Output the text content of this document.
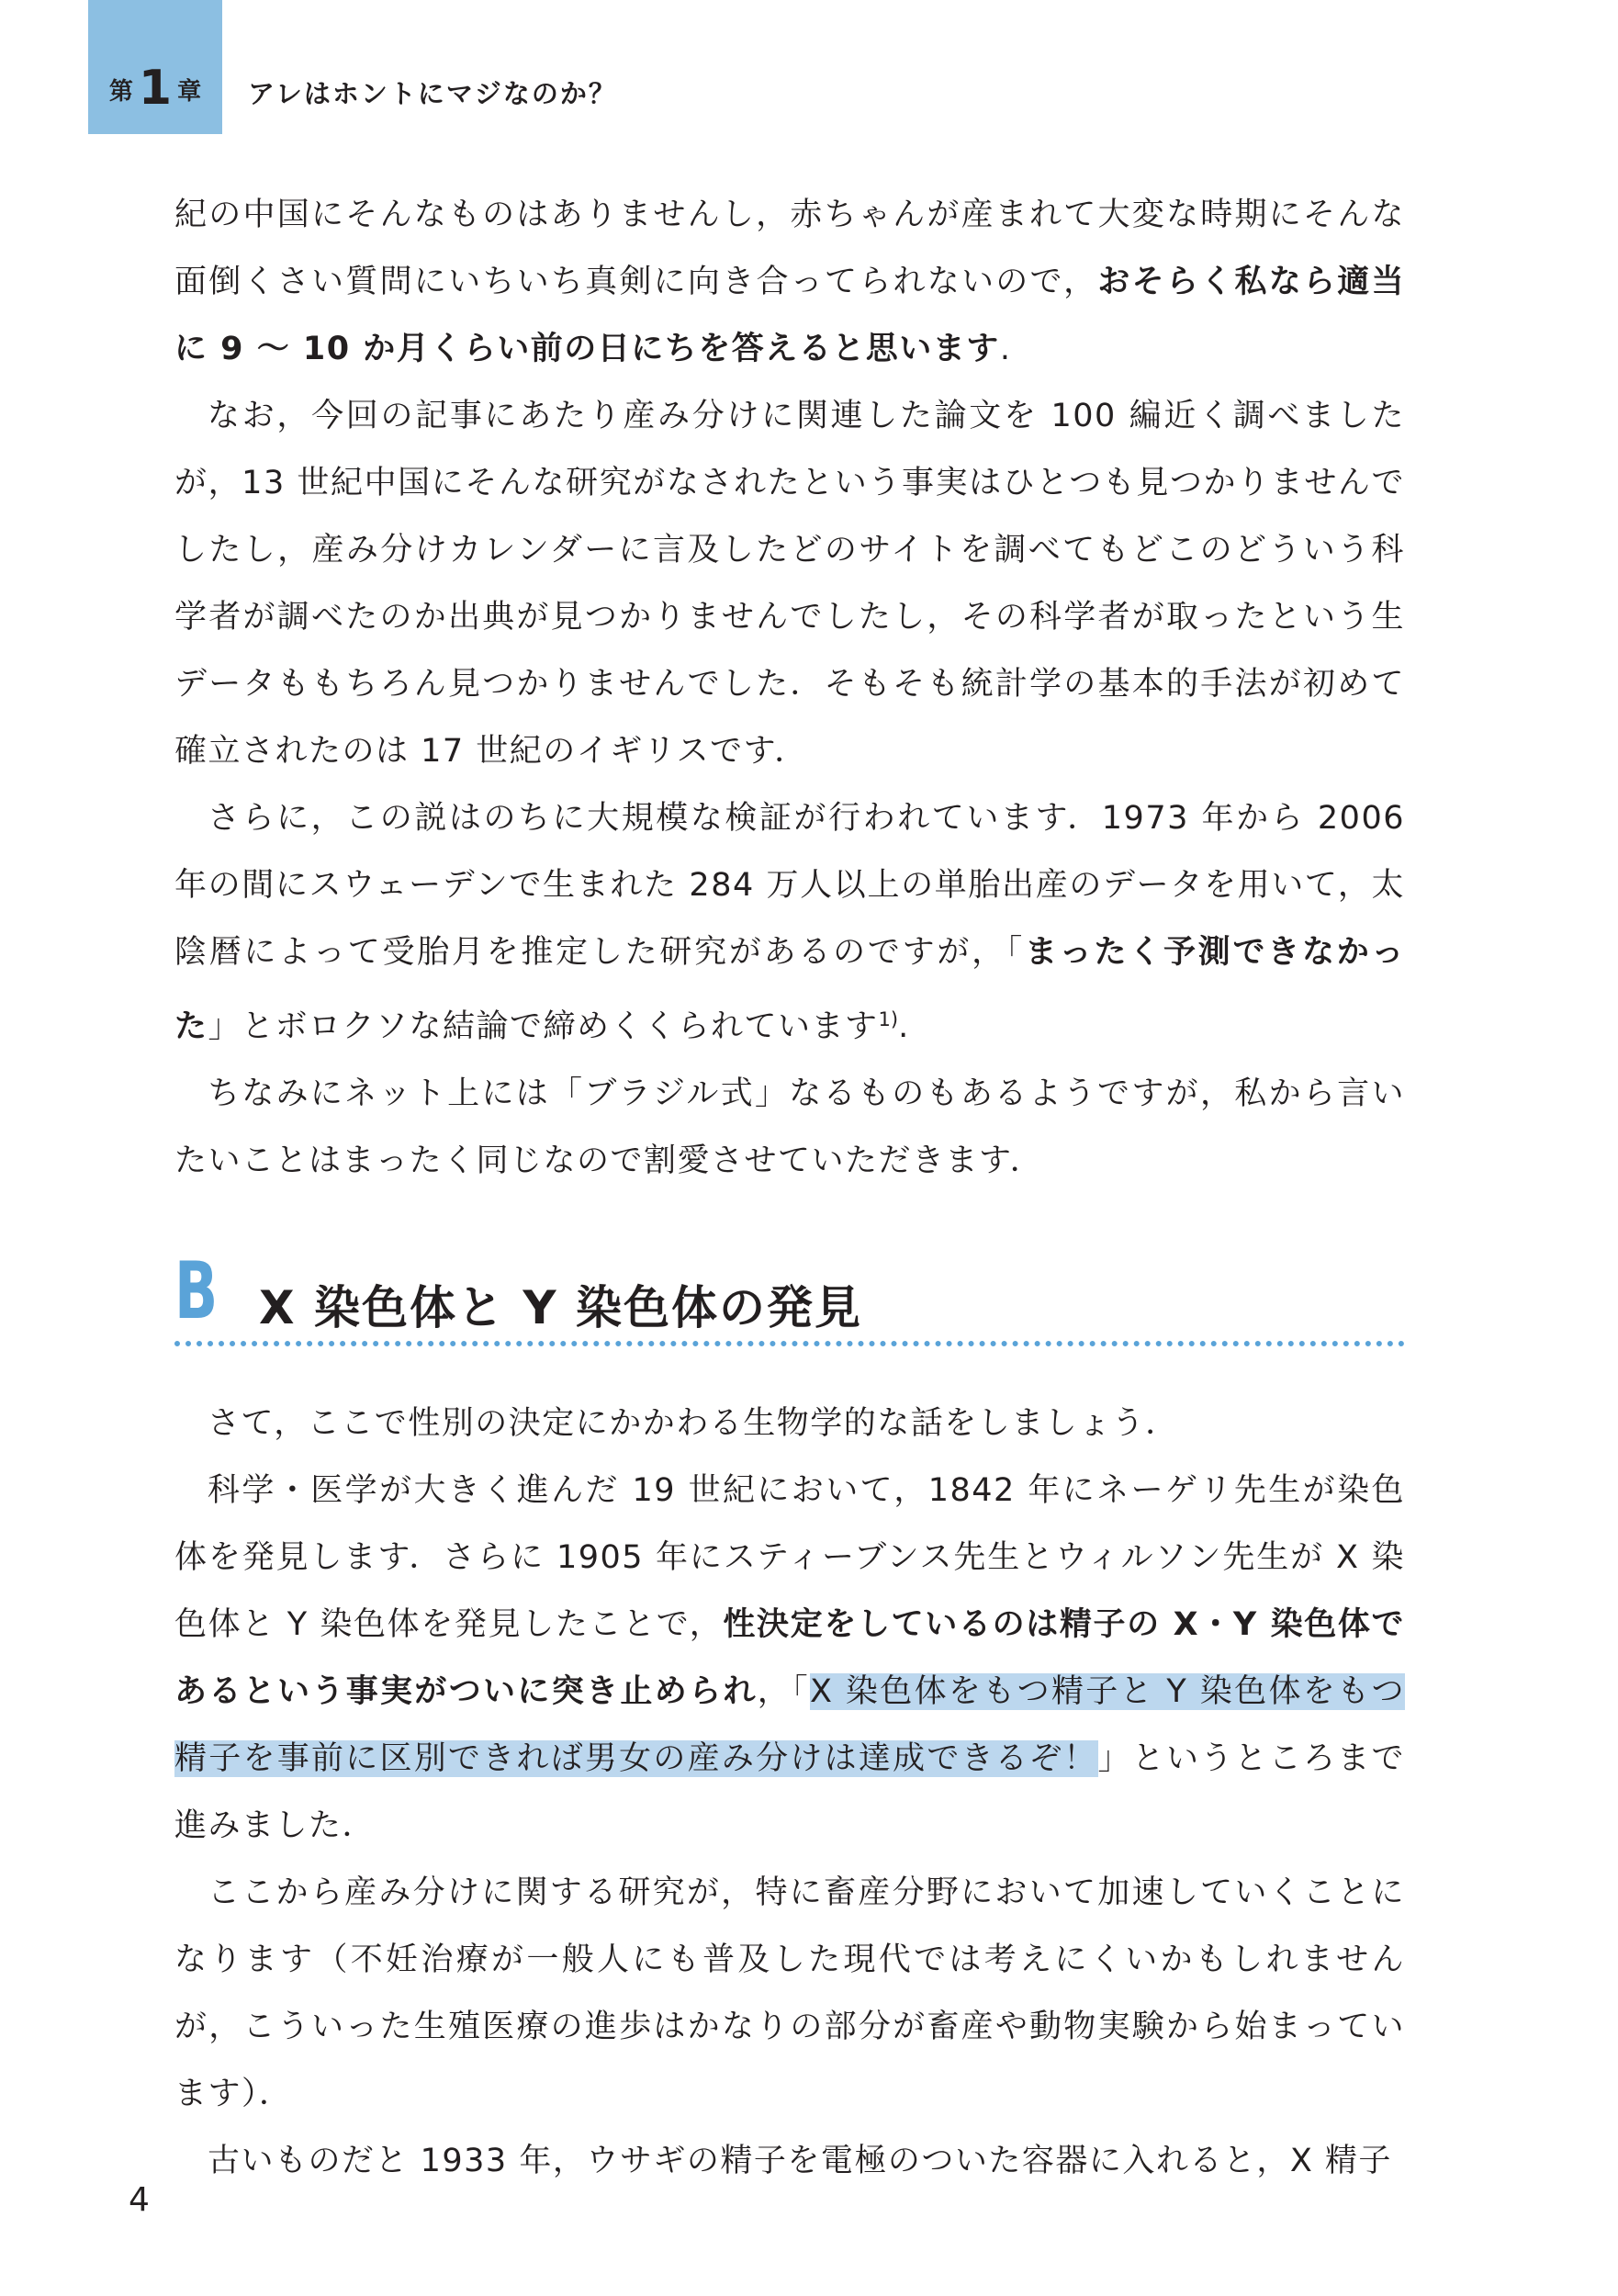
第 1 章 アレはホントにマジなのか？

紀の中国にそんなものはありませんし，赤ちゃんが産まれて大変な時期にそんな面倒くさい質問にいちいち真剣に向き合ってられないので，おそらく私なら適当に 9 〜 10 か月くらい前の日にちを答えると思います.

なお，今回の記事にあたり産み分けに関連した論文を 100 編近く調べましたが，13 世紀中国にそんな研究がなされたという事実はひとつも見つかりませんでしたし，産み分けカレンダーに言及したどのサイトを調べてもどこのどういう科学者が調べたのか出典が見つかりませんでしたし，その科学者が取ったという生データももちろん見つかりませんでした．そもそも統計学の基本的手法が初めて確立されたのは 17 世紀のイギリスです．

さらに，この説はのちに大規模な検証が行われています．1973 年から 2006 年の間にスウェーデンで生まれた 284 万人以上の単胎出産のデータを用いて，太陰暦によって受胎月を推定した研究があるのですが，「まったく予測できなかった」とボロクソな結論で締めくくられています$^{1)}$.

ちなみにネット上には「ブラジル式」なるものもあるようですが，私から言いたいことはまったく同じなので割愛させていただきます．

B X 染色体と Y 染色体の発見

さて，ここで性別の決定にかかわる生物学的な話をしましょう．

科学・医学が大きく進んだ 19 世紀において，1842 年にネーゲリ先生が染色体を発見します．さらに 1905 年にスティーブンス先生とウィルソン先生が X 染色体と Y 染色体を発見したことで，性決定をしているのは精子の X・Y 染色体であるという事実がついに突き止められ，「X 染色体をもつ精子と Y 染色体をもつ精子を事前に区別できれば男女の産み分けは達成できるぞ！」というところまで進みました．

ここから産み分けに関する研究が，特に畜産分野において加速していくことになります（不妊治療が一般人にも普及した現代では考えにくいかもしれませんが，こういった生殖医療の進歩はかなりの部分が畜産や動物実験から始まっています）．

古いものだと 1933 年，ウサギの精子を電極のついた容器に入れると，X 精子

4
